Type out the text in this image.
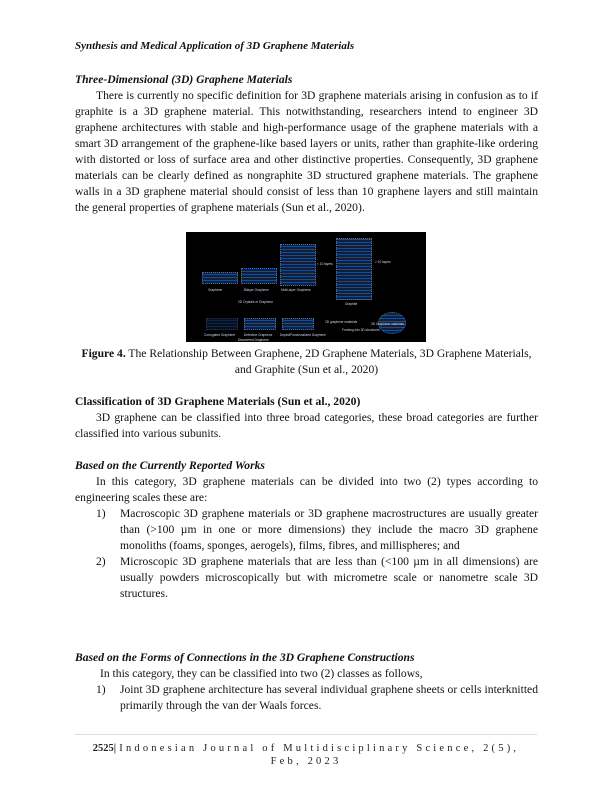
Synthesis and Medical Application of 3D Graphene Materials

Three-Dimensional (3D) Graphene Materials

There is currently no specific definition for 3D graphene materials arising in confusion as to if graphite is a 3D graphene material. This notwithstanding, researchers intend to engineer 3D graphene architectures with stable and high-performance usage of the graphene materials with a smart 3D arrangement of the graphene-like based layers or units, rather than graphite-like ordering with distorted or loss of surface area and other distinctive properties. Consequently, 3D graphene materials can be clearly defined as nongraphite 3D structured graphene materials. The graphene walls in a 3D graphene material should consist of less than 10 graphene layers and still maintain the general properties of graphene materials (Sun et al., 2020).

Graphene	Bilayer Graphene	Multi-layer Graphene
< 10 layers	> 10 layers
2D Crystals of Graphene	Graphite
Corrugated Graphene	Defective Graphene Doped/Functionalized Graphene
Disordered Graphene
2D graphene materials
Forming into 3D structures
3D Graphene materials

Figure 4. The Relationship Between Graphene, 2D Graphene Materials, 3D Graphene Materials, and Graphite (Sun et al., 2020)

Classification of 3D Graphene Materials (Sun et al., 2020)

3D graphene can be classified into three broad categories, these broad categories are further classified into various subunits.

Based on the Currently Reported Works

In this category, 3D graphene materials can be divided into two (2) types according to engineering scales these are:

1) Macroscopic 3D graphene materials or 3D graphene macrostructures are usually greater than (>100 µm in one or more dimensions) they include the macro 3D graphene monoliths (foams, sponges, aerogels), films, fibres, and millispheres; and
2) Microscopic 3D graphene materials that are less than (<100 µm in all dimensions) are usually powders microscopically but with micrometre scale or nanometre scale 3D structures.

Based on the Forms of Connections in the 3D Graphene Constructions

In this category, they can be classified into two (2) classes as follows,

1) Joint 3D graphene architecture has several individual graphene sheets or cells interknitted primarily through the van der Waals forces.
2525|Indonesian Journal of Multidisciplinary Science, 2(5), Feb, 2023
